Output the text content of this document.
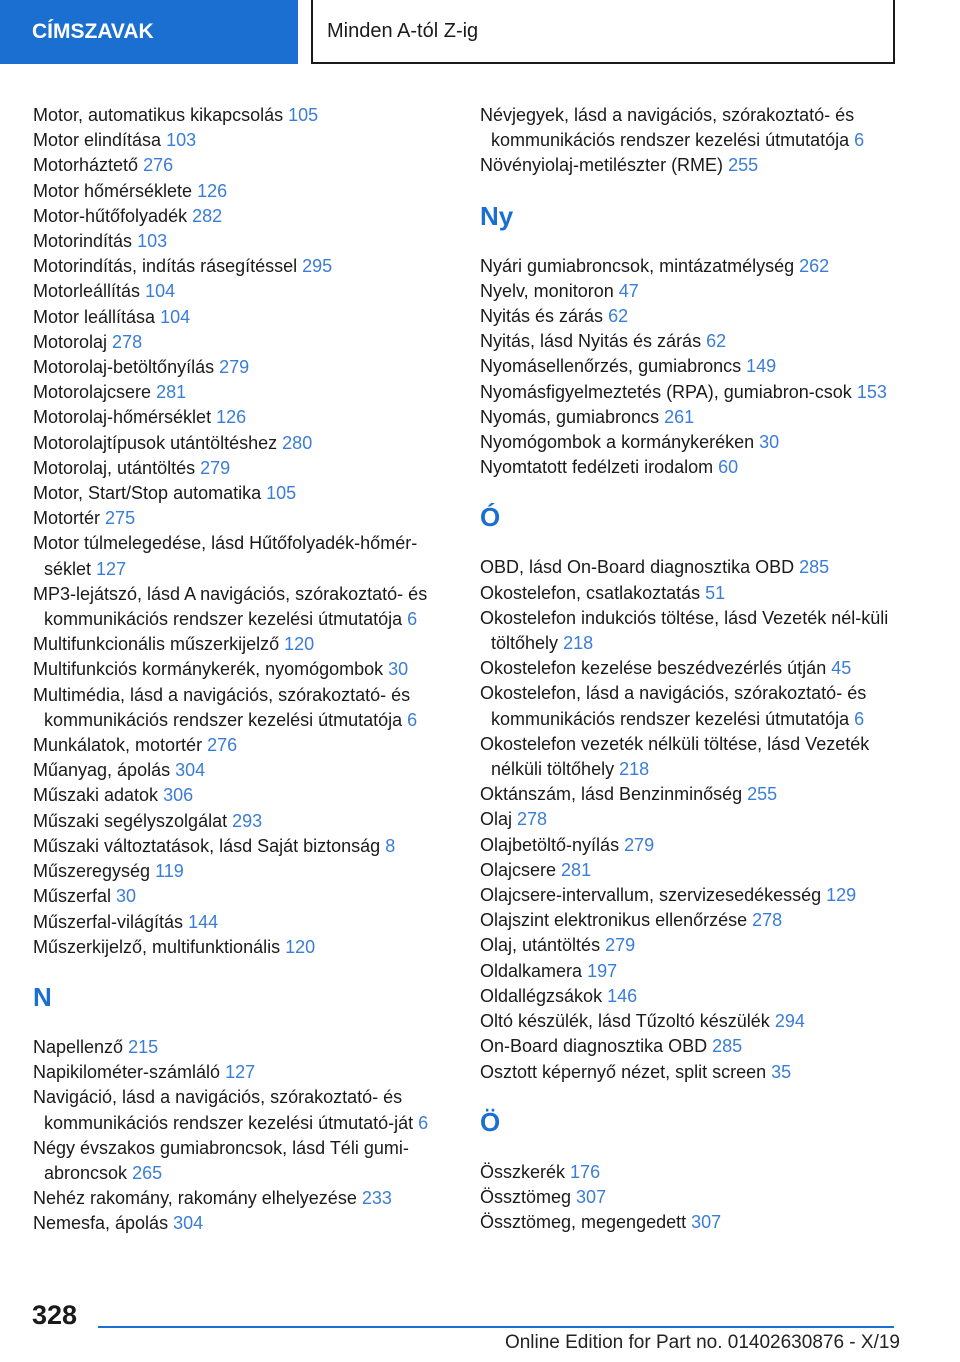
CÍMSZAVAK	Minden A-tól Z-ig
Motor, automatikus kikapcsolás 105
Motor elindítása 103
Motorháztető 276
Motor hőmérséklete 126
Motor-hűtőfolyadék 282
Motorindítás 103
Motorindítás, indítás rásegítéssel 295
Motorleállítás 104
Motor leállítása 104
Motorolaj 278
Motorolaj-betöltőnyílás 279
Motorolajcsere 281
Motorolaj-hőmérséklet 126
Motorolajtípusok utántöltéshez 280
Motorolaj, utántöltés 279
Motor, Start/Stop automatika 105
Motortér 275
Motor túlmelegedése, lásd Hűtőfolyadék-hőmér‐séklet 127
MP3-lejátszó, lásd A navigációs, szórakoztató- és kommunikációs rendszer kezelési útmutatója 6
Multifunkcionális műszerkijelző 120
Multifunkciós kormánykerék, nyomógombok 30
Multimédia, lásd a navigációs, szórakoztató- és kommunikációs rendszer kezelési útmutatója 6
Munkálatok, motortér 276
Műanyag, ápolás 304
Műszaki adatok 306
Műszaki segélyszolgálat 293
Műszaki változtatások, lásd Saját biztonság 8
Műszeregység 119
Műszerfal 30
Műszerfal-világítás 144
Műszerkijelző, multifunktionális 120
N
Napellenző 215
Napikilométer-számláló 127
Navigáció, lásd a navigációs, szórakoztató- és kommunikációs rendszer kezelési útmutató‐ját 6
Négy évszakos gumiabroncsok, lásd Téli gumi‐abroncsok 265
Nehéz rakomány, rakomány elhelyezése 233
Nemesfa, ápolás 304
Névjegyek, lásd a navigációs, szórakoztató- és kommunikációs rendszer kezelési útmutatója 6
Növényiolaj-metilészter (RME) 255
Ny
Nyári gumiabroncsok, mintázatmélység 262
Nyelv, monitoron 47
Nyitás és zárás 62
Nyitás, lásd Nyitás és zárás 62
Nyomásellenőrzés, gumiabroncs 149
Nyomásfigyelmeztetés (RPA), gumiabron‐csok 153
Nyomás, gumiabroncs 261
Nyomógombok a kormánykeréken 30
Nyomtatott fedélzeti irodalom 60
Ó
OBD, lásd On-Board diagnosztika OBD 285
Okostelefon, csatlakoztatás 51
Okostelefon indukciós töltése, lásd Vezeték nél‐küli töltőhely 218
Okostelefon kezelése beszédvezérlés útján 45
Okostelefon, lásd a navigációs, szórakoztató- és kommunikációs rendszer kezelési útmutatója 6
Okostelefon vezeték nélküli töltése, lásd Vezeték nélküli töltőhely 218
Oktánszám, lásd Benzinminőség 255
Olaj 278
Olajbetöltő-nyílás 279
Olajcsere 281
Olajcsere-intervallum, szervizesedékesség 129
Olajszint elektronikus ellenőrzése 278
Olaj, utántöltés 279
Oldalkamera 197
Oldallégzsákok 146
Oltó készülék, lásd Tűzoltó készülék 294
On-Board diagnosztika OBD 285
Osztott képernyő nézet, split screen 35
Ö
Összkerék 176
Össztömeg 307
Össztömeg, megengedett 307
328
Online Edition for Part no. 01402630876 - X/19
